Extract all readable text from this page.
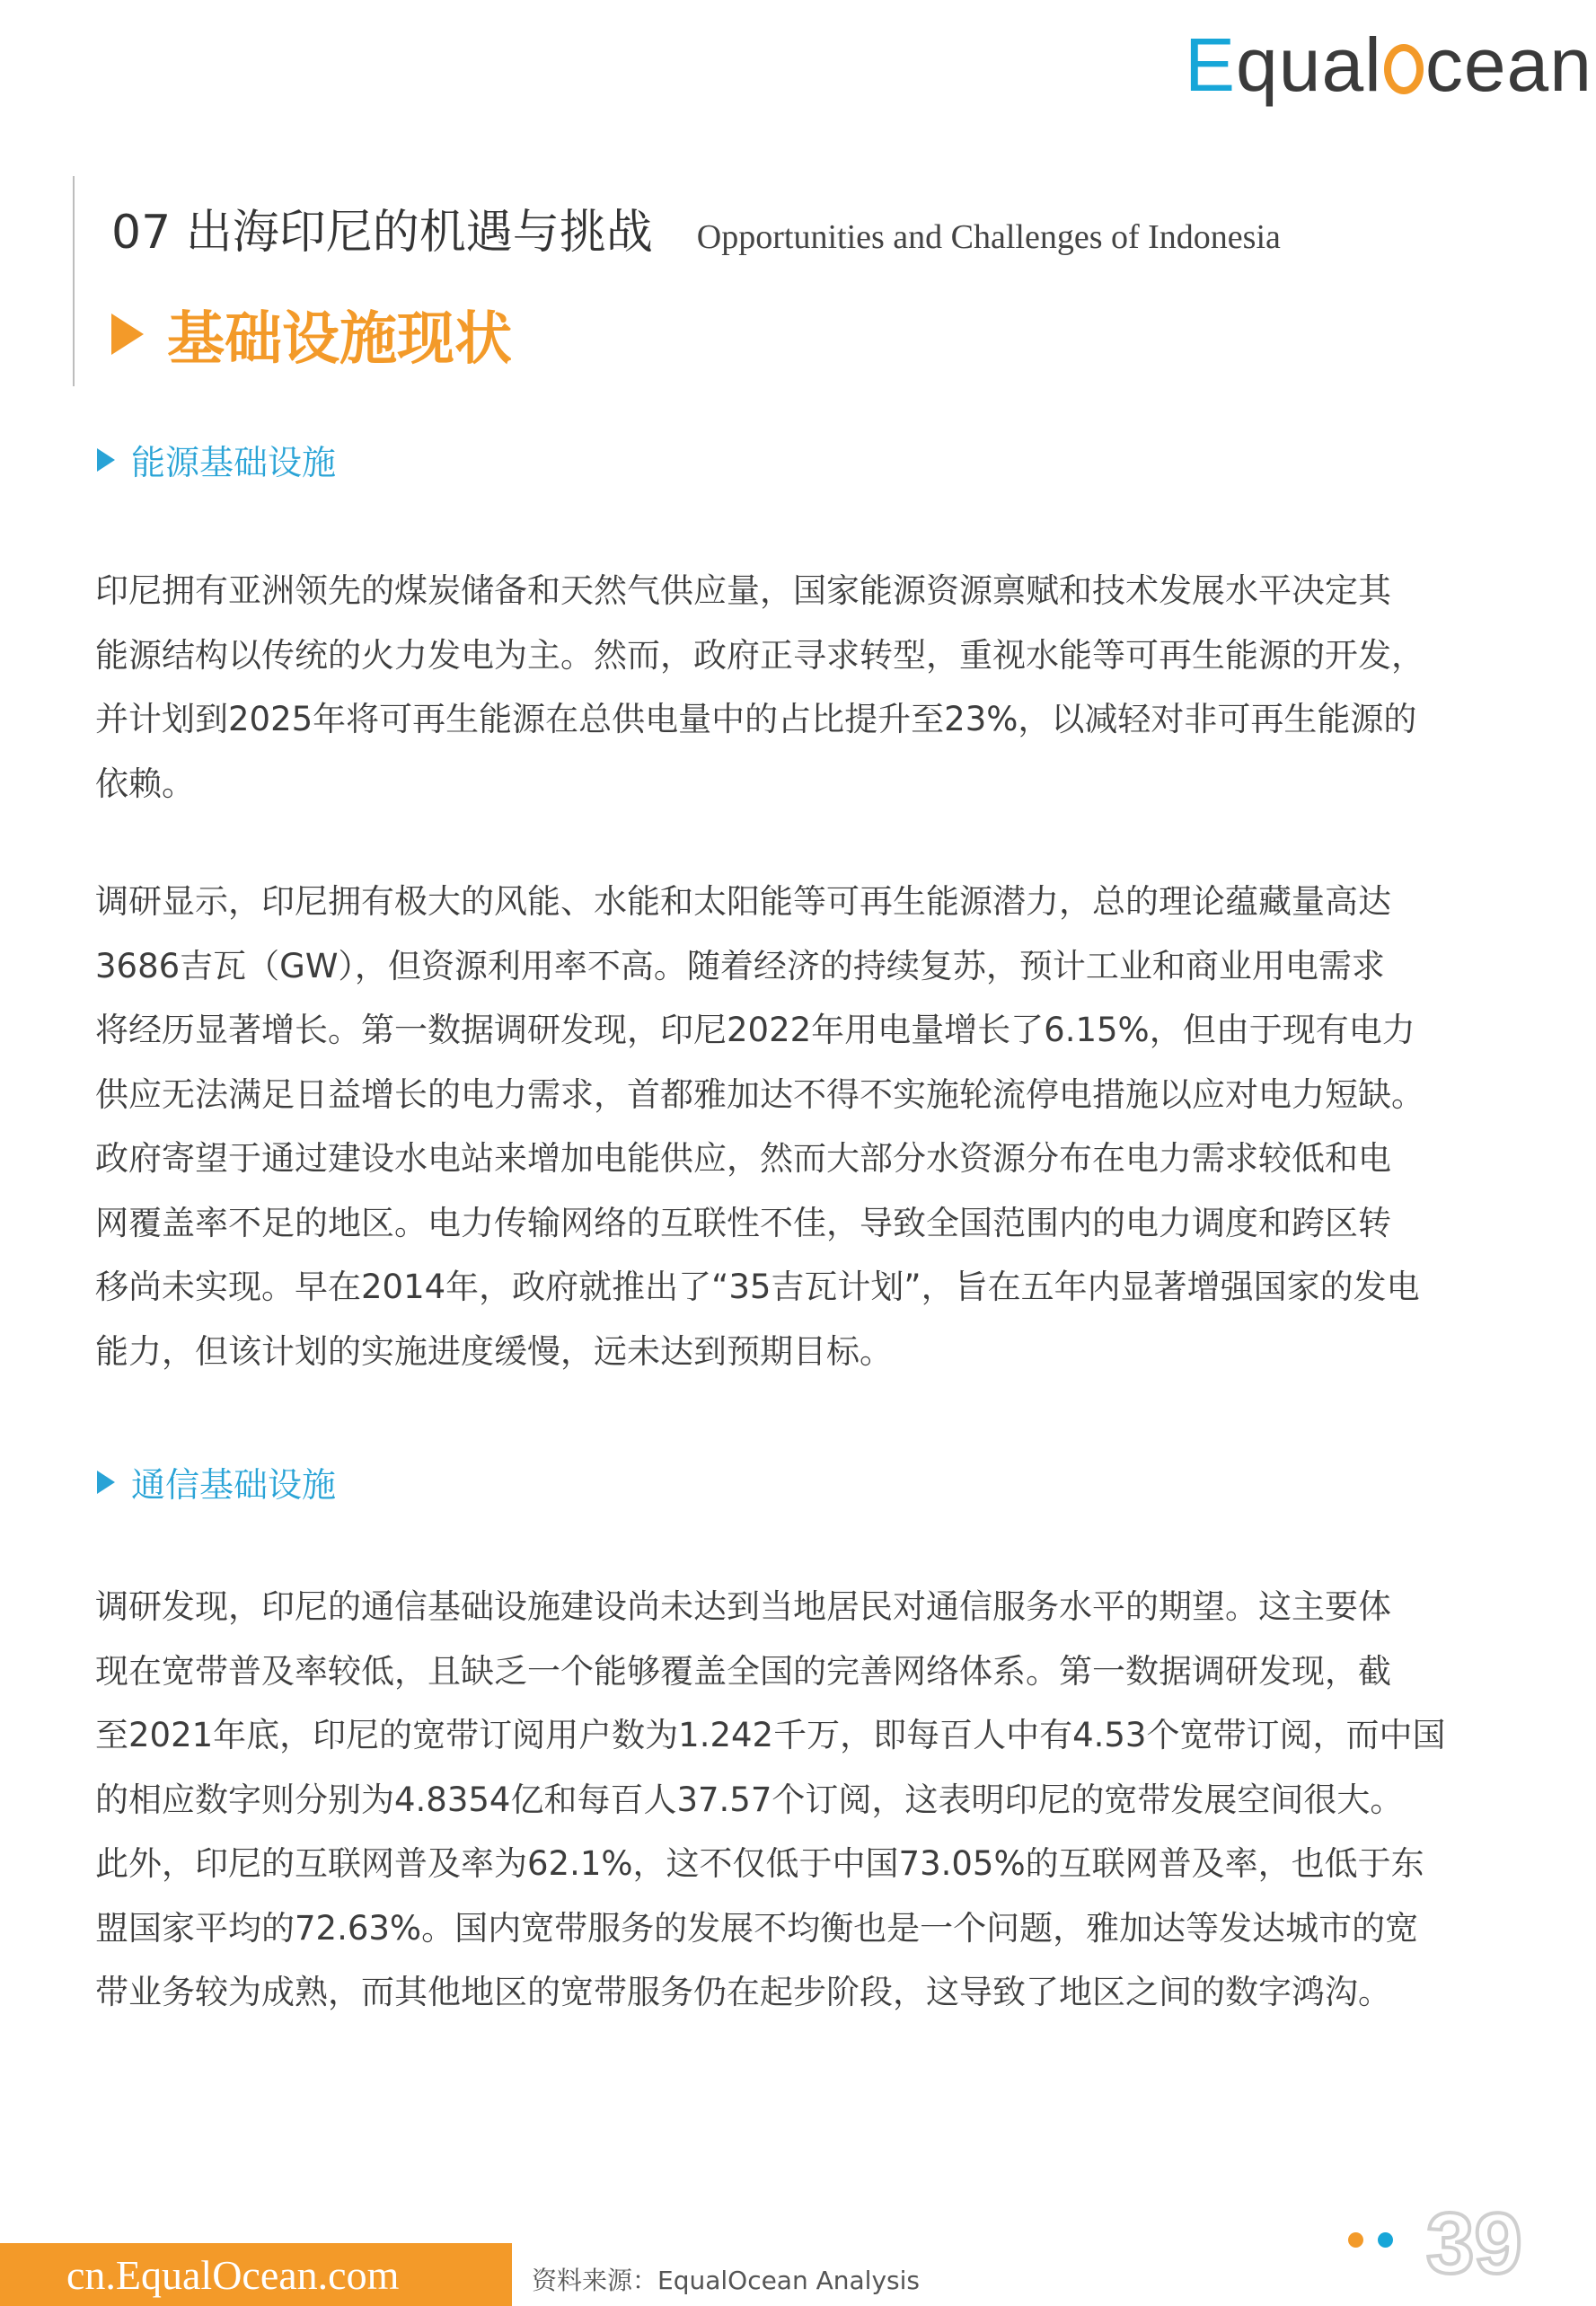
Equal cean
07 出海印尼的机遇与挑战 Opportunities and Challenges of Indonesia
基础设施现状
能源基础设施
印尼拥有亚洲领先的煤炭储备和天然气供应量，国家能源资源禀赋和技术发展水平决定其
能源结构以传统的火力发电为主。然而，政府正寻求转型，重视水能等可再生能源的开发，
并计划到2025年将可再生能源在总供电量中的占比提升至23%，以减轻对非可再生能源的
依赖。
调研显示，印尼拥有极大的风能、水能和太阳能等可再生能源潜力，总的理论蕴藏量高达
3686吉瓦（GW），但资源利用率不高。随着经济的持续复苏，预计工业和商业用电需求
将经历显著增长。第一数据调研发现，印尼2022年用电量增长了6.15%，但由于现有电力
供应无法满足日益增长的电力需求，首都雅加达不得不实施轮流停电措施以应对电力短缺。
政府寄望于通过建设水电站来增加电能供应，然而大部分水资源分布在电力需求较低和电
网覆盖率不足的地区。电力传输网络的互联性不佳，导致全国范围内的电力调度和跨区转
移尚未实现。早在2014年，政府就推出了“35吉瓦计划”，旨在五年内显著增强国家的发电
能力，但该计划的实施进度缓慢，远未达到预期目标。
通信基础设施
调研发现，印尼的通信基础设施建设尚未达到当地居民对通信服务水平的期望。这主要体
现在宽带普及率较低，且缺乏一个能够覆盖全国的完善网络体系。第一数据调研发现，截
至2021年底，印尼的宽带订阅用户数为1.242千万，即每百人中有4.53个宽带订阅，而中国
的相应数字则分别为4.8354亿和每百人37.57个订阅，这表明印尼的宽带发展空间很大。
此外，印尼的互联网普及率为62.1%，这不仅低于中国73.05%的互联网普及率，也低于东
盟国家平均的72.63%。国内宽带服务的发展不均衡也是一个问题，雅加达等发达城市的宽
带业务较为成熟，而其他地区的宽带服务仍在起步阶段，这导致了地区之间的数字鸿沟。
cn.EqualOcean.com	资料来源：EqualOcean Analysis	39
